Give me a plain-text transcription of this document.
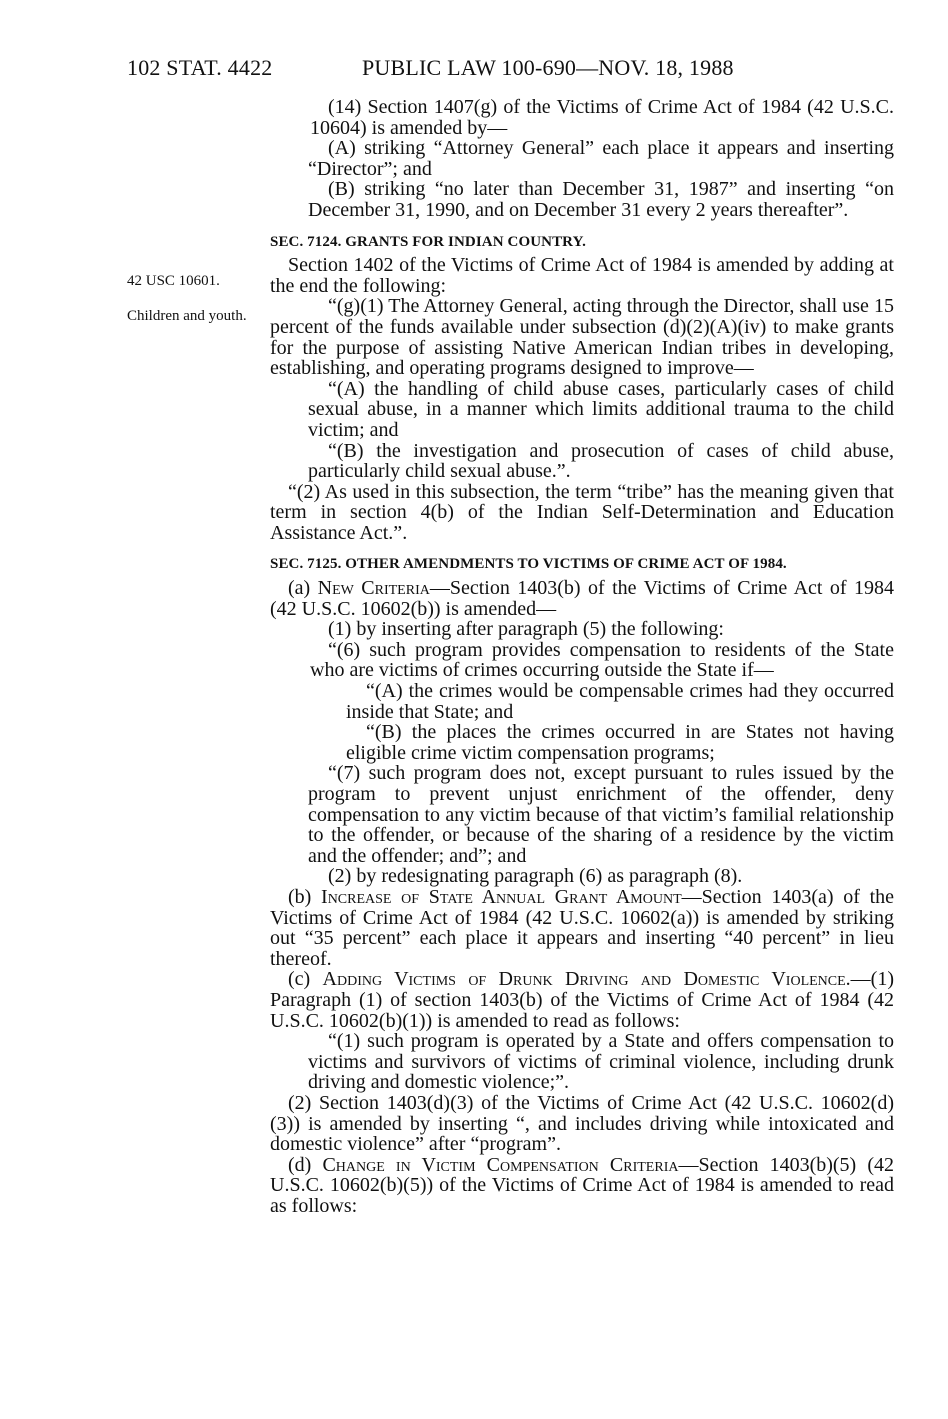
102 STAT. 4422	PUBLIC LAW 100-690—NOV. 18, 1988
42 USC 10601.
Children and youth.

(14) Section 1407(g) of the Victims of Crime Act of 1984 (42 U.S.C. 10604) is amended by—

(A) striking “Attorney General” each place it appears and inserting “Director”; and

(B) striking “no later than December 31, 1987” and inserting “on December 31, 1990, and on December 31 every 2 years thereafter”.

SEC. 7124. GRANTS FOR INDIAN COUNTRY.

Section 1402 of the Victims of Crime Act of 1984 is amended by adding at the end the following:

“(g)(1) The Attorney General, acting through the Director, shall use 15 percent of the funds available under subsection (d)(2)(A)(iv) to make grants for the purpose of assisting Native American Indian tribes in developing, establishing, and operating programs designed to improve—

“(A) the handling of child abuse cases, particularly cases of child sexual abuse, in a manner which limits additional trauma to the child victim; and

“(B) the investigation and prosecution of cases of child abuse, particularly child sexual abuse.”.

“(2) As used in this subsection, the term “tribe” has the meaning given that term in section 4(b) of the Indian Self-Determination and Education Assistance Act.”.

SEC. 7125. OTHER AMENDMENTS TO VICTIMS OF CRIME ACT OF 1984.

(a) New Criteria—Section 1403(b) of the Victims of Crime Act of 1984 (42 U.S.C. 10602(b)) is amended—

(1) by inserting after paragraph (5) the following:

“(6) such program provides compensation to residents of the State who are victims of crimes occurring outside the State if—

“(A) the crimes would be compensable crimes had they occurred inside that State; and

“(B) the places the crimes occurred in are States not having eligible crime victim compensation programs;

“(7) such program does not, except pursuant to rules issued by the program to prevent unjust enrichment of the offender, deny compensation to any victim because of that victim’s familial relationship to the offender, or because of the sharing of a residence by the victim and the offender; and”; and

(2) by redesignating paragraph (6) as paragraph (8).

(b) Increase of State Annual Grant Amount—Section 1403(a) of the Victims of Crime Act of 1984 (42 U.S.C. 10602(a)) is amended by striking out “35 percent” each place it appears and inserting “40 percent” in lieu thereof.

(c) Adding Victims of Drunk Driving and Domestic Violence.—(1) Paragraph (1) of section 1403(b) of the Victims of Crime Act of 1984 (42 U.S.C. 10602(b)(1)) is amended to read as follows:

“(1) such program is operated by a State and offers compensation to victims and survivors of victims of criminal violence, including drunk driving and domestic violence;”.

(2) Section 1403(d)(3) of the Victims of Crime Act (42 U.S.C. 10602(d)(3)) is amended by inserting “, and includes driving while intoxicated and domestic violence” after “program”.

(d) Change in Victim Compensation Criteria—Section 1403(b)(5) (42 U.S.C. 10602(b)(5)) of the Victims of Crime Act of 1984 is amended to read as follows:
